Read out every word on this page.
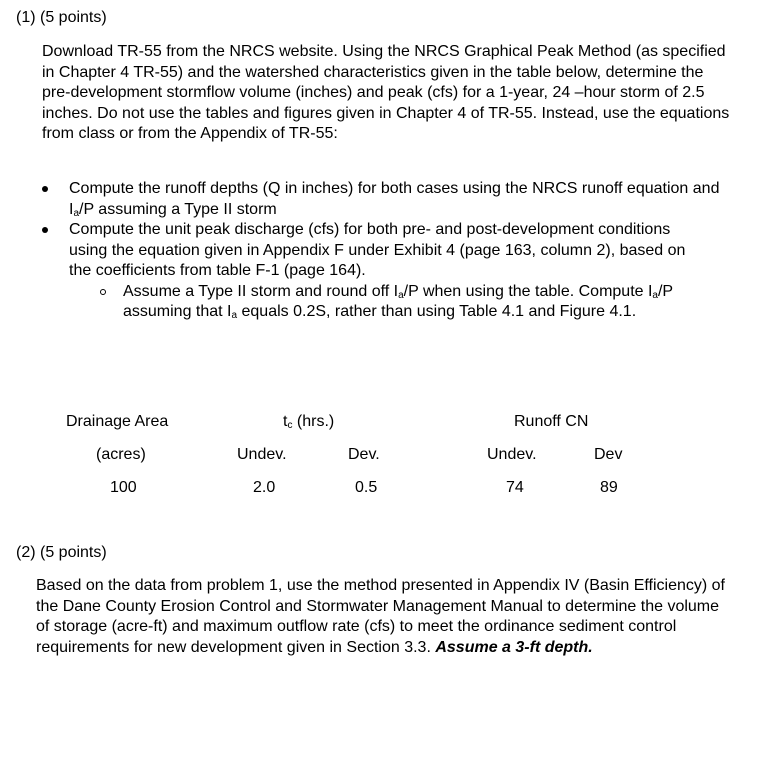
(1) (5 points)

Download TR-55 from the NRCS website. Using the NRCS Graphical Peak Method (as specified in Chapter 4 TR-55) and the watershed characteristics given in the table below, determine the pre-development stormflow volume (inches) and peak (cfs) for a 1-year, 24 –hour storm of 2.5 inches. Do not use the tables and figures given in Chapter 4 of TR-55. Instead, use the equations from class or from the Appendix of TR-55:

Compute the runoff depths (Q in inches) for both cases using the NRCS runoff equation and $I_a/P$ assuming a Type II storm
Compute the unit peak discharge (cfs) for both pre- and post-development conditions using the equation given in Appendix F under Exhibit 4 (page 163, column 2), based on the coefficients from table F-1 (page 164).
Assume a Type II storm and round off $I_a/P$ when using the table. Compute $I_a/P$ assuming that $I_a$ equals 0.2S, rather than using Table 4.1 and Figure 4.1.
Drainage Area	$t_c$ (hrs.)	Runoff CN
(acres)	Undev.	Dev.	Undev.	Dev
100	2.0	0.5	74	89
(2) (5 points)

Based on the data from problem 1, use the method presented in Appendix IV (Basin Efficiency) of the Dane County Erosion Control and Stormwater Management Manual to determine the volume of storage (acre-ft) and maximum outflow rate (cfs) to meet the ordinance sediment control requirements for new development given in Section 3.3. Assume a 3-ft depth.
